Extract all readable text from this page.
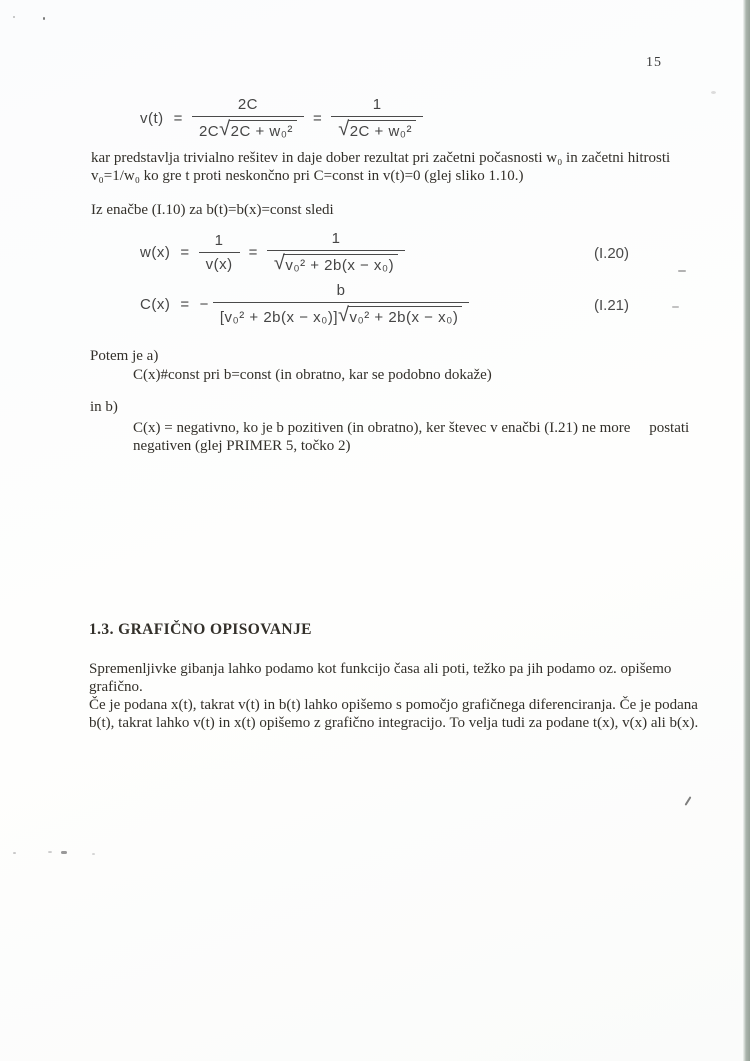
15
$v(t) = \frac{2C}{\text{2C √ 2C + w₀²}} = \frac{1}{\text{√ 2C + w₀²}}$
kar predstavlja trivialno rešitev in daje dober rezultat pri začetni počasnosti w₀ in začetni hitrosti
v₀=1/w₀ ko gre t proti neskončno pri C=const in v(t)=0 (glej sliko 1.10.)
Iz enačbe (I.10) za b(t)=b(x)=const sledi
$w(x) = \frac{1}{v(x)} = \frac{1}{\text{√ v₀² + 2b(x − x₀)}}$	(I.20)
C(x) = −
b
[v₀² + 2b(x − x₀)] √ v₀² + 2b(x − x₀)
(I.21)
Potem je a)
C(x)#const pri b=const (in obratno, kar se podobno dokaže)
in b)
C(x) = negativno, ko je b pozitiven (in obratno), ker števec v enačbi (I.21) ne more     postati
negativen (glej PRIMER 5, točko 2)
1.3. GRAFIČNO OPISOVANJE
Spremenljivke gibanja lahko podamo kot funkcijo časa ali poti, težko pa jih podamo oz. opišemo
grafično.
Če je podana x(t), takrat v(t) in b(t) lahko opišemo s pomočjo grafičnega diferenciranja. Če je podana
b(t), takrat lahko v(t) in x(t) opišemo z grafično integracijo. To velja tudi za podane t(x), v(x) ali b(x).
